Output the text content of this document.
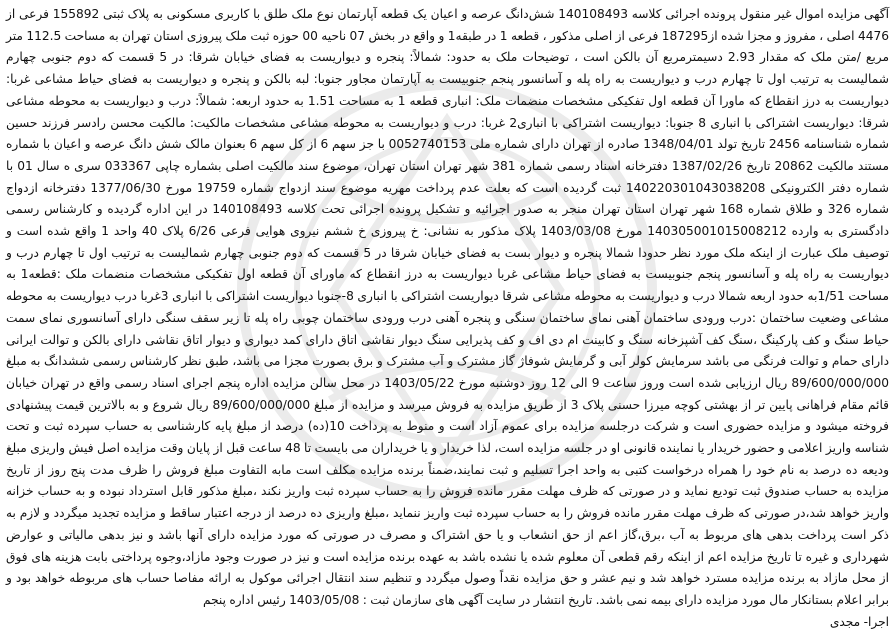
آگهی مزایده اموال غیر منقول پرونده اجرائی کلاسه 140108493 شش‌دانگ عرصه و اعیان یک قطعه آپارتمان نوع ملک طلق با کاربری مسکونی به پلاک ثبتی 155892 فرعی از 4476 اصلی ، مفروز و مجزا شده از187295 فرعی از اصلی مذکور ، قطعه 1 در طبقه1 و واقع در بخش 07 ناحیه 00 حوزه ثبت ملک پیروزی استان تهران به مساحت 112.5 متر مربع /متن ملک که مقدار 2.93 دسیمترمربع آن بالکن است ، توضیحات ملک به حدود: شمالاً: پنجره و دیواریست به فضای خیابان شرقا: در 5 قسمت که دوم جنوبی چهارم شمالیست به ترتیب اول تا چهارم درب و دیواریست به راه پله و آسانسور پنجم جنوبیست به آپارتمان مجاور جنوبا: لبه بالکن و پنجره و دیواریست به فضای حیاط مشاعی غربا: دیواریست به درز انقطاع که ماورا آن قطعه اول تفکیکی مشخصات منضمات ملک: انباری قطعه 1 به مساحت 1.51 به حدود اربعه: شمالاً: درب و دیواریست به محوطه مشاعی شرقا: دیواریست اشتراکی با انباری 8 جنوبا: دیواریست اشتراکی با انباری2 غربا: درب و دیواریست به محوطه مشاعی مشخصات مالکیت: مالکیت محسن رادسر فرزند حسین شماره شناسنامه 2456 تاریخ تولد 1348/04/01 صادره از تهران دارای شماره ملی 0052740153 با جز سهم 6 از کل سهم 6 بعنوان مالک شش دانگ عرصه و اعیان با شماره مستند مالکیت 20862 تاریخ 1387/02/26 دفترخانه اسناد رسمی شماره 381 شهر تهران استان تهران، موضوع سند مالکیت اصلی بشماره چاپی 033367 سری ه سال 01 با شماره دفتر الکترونیکی 140220301043038208 ثبت گردیده است که بعلت عدم پرداخت مهریه موضوع سند ازدواج شماره 19759 مورخ 1377/06/30 دفترخانه ازدواج شماره 326 و طلاق شماره 168 شهر تهران استان تهران منجر به صدور اجرائیه و تشکیل پرونده اجرائی تحت کلاسه 140108493 در این اداره گردیده و کارشناس رسمی دادگستری به وارده 140305001015008212 مورخ 1403/03/08 پلاک مذکور به نشانی: خ پیروزی خ ششم نیروی هوایی فرعی 6/26 پلاک 40 واحد 1 واقع شده است و توصیف ملک عبارت از اینکه ملک مورد نظر حدودا شمالا پنجره و دیوار بست به فضای خیابان شرقا در 5 قسمت که دوم جنوبی چهارم شمالیست به ترتیب اول تا چهارم درب و دیواریست به راه پله و آسانسور پنجم جنوبیست به فضای حیاط مشاعی غربا دیواریست به درز انقطاع که ماورای آن قطعه اول تفکیکی مشخصات منضمات ملک :قطعه1 به مساحت 1/51به حدود اربعه شمالا درب و دیواریست به محوطه مشاعی شرقا دیواریست اشتراکی با انباری 8-جنوبا دیواریست اشتراکی با انباری 3غربا درب دیواریست به محوطه مشاعی وضعیت ساختمان :درب ورودی ساختمان آهنی نمای ساختمان سنگی و پنجره آهنی درب ورودی ساختمان چوبی راه پله تا زیر سقف سنگی دارای آسانسوری نمای سمت حیاط سنگ و کف پارکینگ ،سنگ کف آشپزخانه سنگ و کابینت ام دی اف و کف پذیرایی سنگ دیوار نقاشی اتاق دارای کمد دیواری و دیوار اتاق نقاشی دارای بالکن و توالت ایرانی دارای حمام و توالت فرنگی می باشد سرمایش کولر آبی و گرمایش شوفاژ گاز مشترک و آب مشترک و برق بصورت مجزا می باشد، طبق نظر کارشناس رسمی ششدانگ به مبلغ 89/600/000/000 ریال ارزیابی شده است وروز ساعت 9 الی 12 روز دوشنبه مورخ 1403/05/22 در محل سالن مزایده اداره پنجم اجرای اسناد رسمی واقع در تهران خیابان قائم مقام فراهانی پایین تر از بهشتی کوچه میرزا حسنی پلاک 3 از طریق مزایده به فروش میرسد و مزایده از مبلغ 89/600/000/000 ریال شروع و به بالاترین قیمت پیشنهادی فروخته میشود و مزایده حضوری است و شرکت درجلسه مزایده برای عموم آزاد است و منوط به پرداخت 10(ده) درصد از مبلغ پایه کارشناسی به حساب سپرده ثبت و تحت شناسه واریز اعلامی و حضور خریدار یا نماینده قانونی او در جلسه مزایده است، لذا خریدار و یا خریداران می بایست تا 48 ساعت قبل از پایان وقت مزایده اصل فیش واریزی مبلغ ودیعه ده درصد به نام خود را همراه درخواست کتبی به واحد اجرا تسلیم و ثبت نمایند،ضمناً برنده مزایده مکلف است مابه التفاوت مبلغ فروش را ظرف مدت پنج روز از تاریخ مزایده به حساب صندوق ثبت تودیع نماید و در صورتی که ظرف مهلت مقرر مانده فروش را به حساب سپرده ثبت واریز نکند ،مبلغ مذکور قابل استرداد نبوده و به حساب خزانه واریز خواهد شد،در صورتی که ظرف مهلت مقرر مانده فروش را به حساب سپرده ثبت واریز ننماید ،مبلغ واریزی ده درصد از درجه اعتبار ساقط و مزایده تجدید میگردد و لازم به ذکر است پرداخت بدهی های مربوط به آب ،برق،گاز اعم از حق انشعاب و یا حق اشتراک و مصرف در صورتی که مورد مزایده دارای آنها باشد و نیز بدهی مالیاتی و عوارض شهرداری و غیره تا تاریخ مزایده اعم از اینکه رقم قطعی آن معلوم شده یا نشده باشد به عهده برنده مزایده است و نیز در صورت وجود مازاد،وجوه پرداختی بابت هزینه های فوق از محل مازاد به برنده مزایده مسترد خواهد شد و نیم عشر و حق مزایده نقداً وصول میگردد و تنظیم سند انتقال اجرائی موکول به ارائه مفاصا حساب های مربوطه خواهد بود و برابر اعلام بستانکار مال مورد مزایده دارای بیمه نمی باشد. تاریخ انتشار در سایت آگهی های سازمان ثبت : 1403/05/08 رئیس اداره پنجم

اجرا- مجدی
